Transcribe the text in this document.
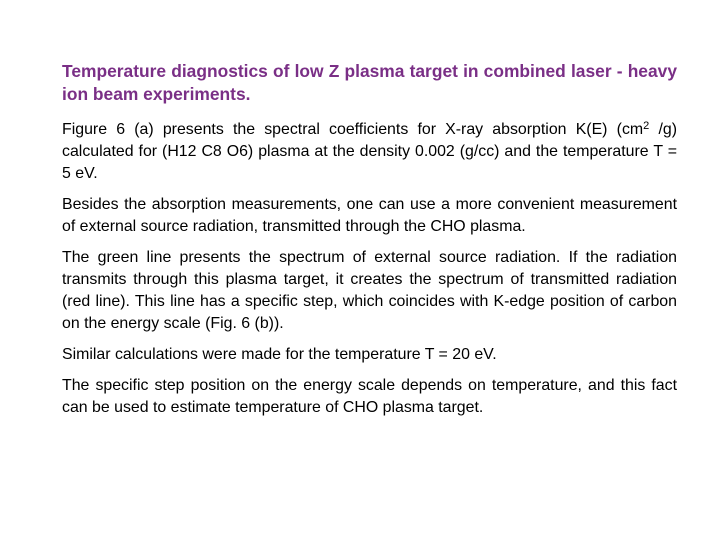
Temperature diagnostics of low Z plasma target in combined laser - heavy ion beam experiments.

Figure 6 (a) presents the spectral coefficients for X-ray absorption K(E) ($cm^2$ /g) calculated for (H12 C8 O6) plasma at the density 0.002 (g/cc) and the temperature T = 5 eV.

Besides the absorption measurements, one can use a more convenient measurement of external source radiation, transmitted through the CHO plasma.

The green line presents the spectrum of external source radiation. If the radiation transmits through this plasma target, it creates the spectrum of transmitted radiation (red line). This line has a specific step, which coincides with K-edge position of carbon on the energy scale (Fig. 6 (b)).

Similar calculations were made for the temperature T = 20 eV.

The specific step position on the energy scale depends on temperature, and this fact can be used to estimate temperature of CHO plasma target.
